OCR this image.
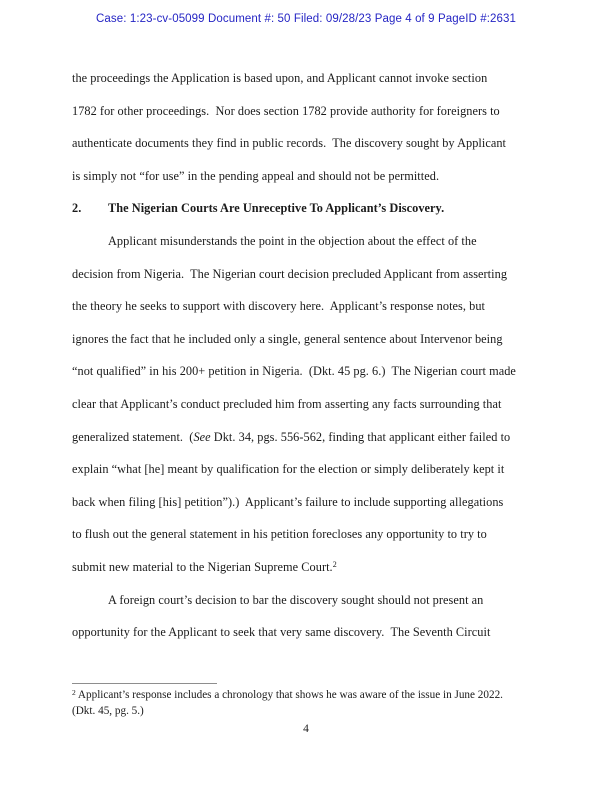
Case: 1:23-cv-05099 Document #: 50 Filed: 09/28/23 Page 4 of 9 PageID #:2631
the proceedings the Application is based upon, and Applicant cannot invoke section
1782 for other proceedings.  Nor does section 1782 provide authority for foreigners to
authenticate documents they find in public records.  The discovery sought by Applicant
is simply not “for use” in the pending appeal and should not be permitted.
2. The Nigerian Courts Are Unreceptive To Applicant’s Discovery.
Applicant misunderstands the point in the objection about the effect of the
decision from Nigeria.  The Nigerian court decision precluded Applicant from asserting
the theory he seeks to support with discovery here.  Applicant’s response notes, but
ignores the fact that he included only a single, general sentence about Intervenor being
“not qualified” in his 200+ petition in Nigeria.  (Dkt. 45 pg. 6.)  The Nigerian court made
clear that Applicant’s conduct precluded him from asserting any facts surrounding that
generalized statement.  (See Dkt. 34, pgs. 556-562, finding that applicant either failed to
explain “what [he] meant by qualification for the election or simply deliberately kept it
back when filing [his] petition”).)  Applicant’s failure to include supporting allegations
to flush out the general statement in his petition forecloses any opportunity to try to
submit new material to the Nigerian Supreme Court.$^2$
A foreign court’s decision to bar the discovery sought should not present an
opportunity for the Applicant to seek that very same discovery.  The Seventh Circuit
$^2$ Applicant’s response includes a chronology that shows he was aware of the issue in June 2022.
(Dkt. 45, pg. 5.)
4
